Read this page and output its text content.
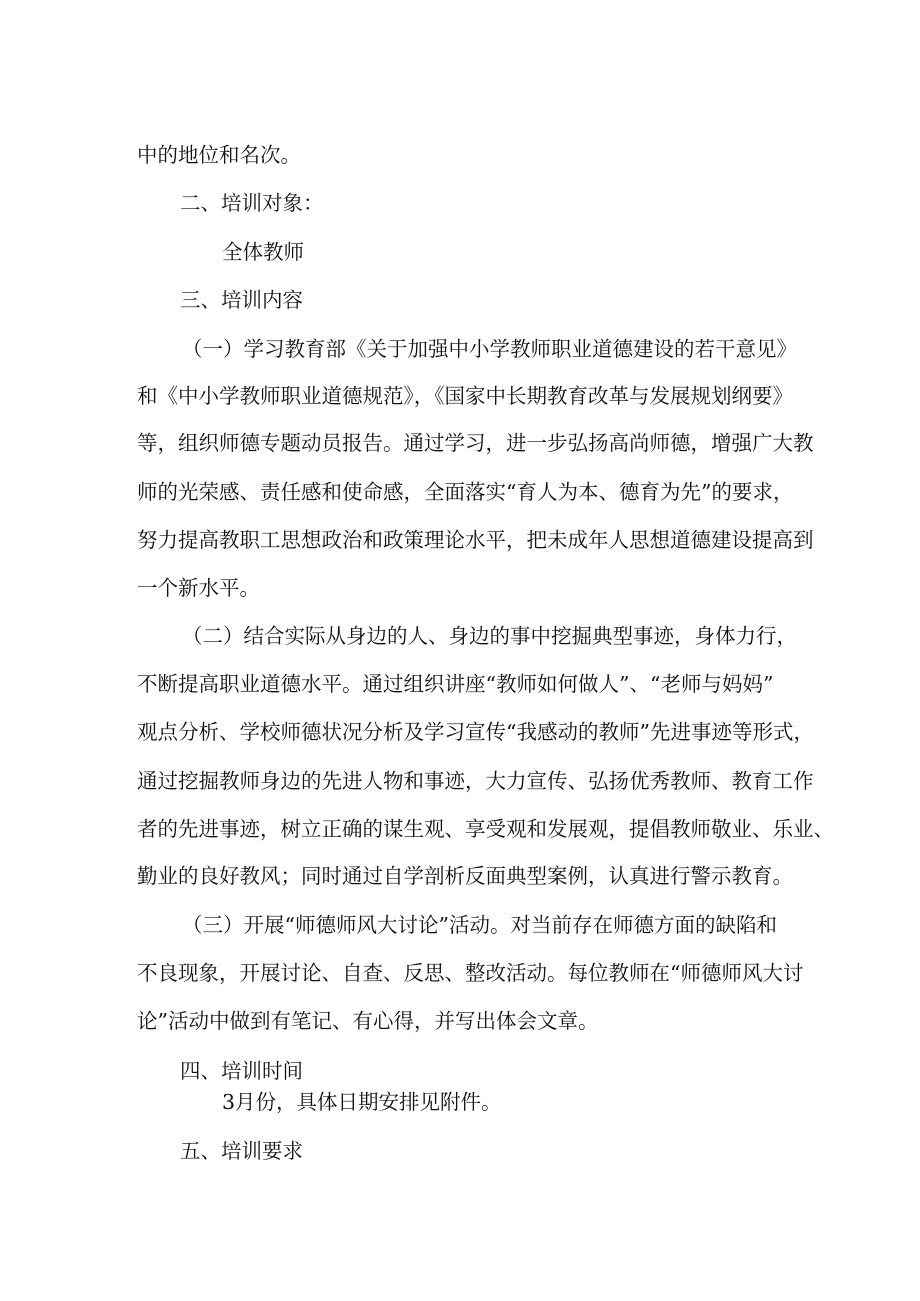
中的地位和名次。

二、培训对象：

全体教师

三、培训内容

（一）学习教育部《关于加强中小学教师职业道德建设的若干意见》

和《中小学教师职业道德规范》，《国家中长期教育改革与发展规划纲要》

等，组织师德专题动员报告。通过学习，进一步弘扬高尚师德，增强广大教

师的光荣感、责任感和使命感，全面落实“育人为本、德育为先”的要求，

努力提高教职工思想政治和政策理论水平，把未成年人思想道德建设提高到

一个新水平。

（二）结合实际从身边的人、身边的事中挖掘典型事迹，身体力行，

不断提高职业道德水平。通过组织讲座“教师如何做人”、“老师与妈妈”

观点分析、学校师德状况分析及学习宣传“我感动的教师”先进事迹等形式，

通过挖掘教师身边的先进人物和事迹，大力宣传、弘扬优秀教师、教育工作

者的先进事迹，树立正确的谋生观、享受观和发展观，提倡教师敬业、乐业、

勤业的良好教风；同时通过自学剖析反面典型案例，认真进行警示教育。

（三）开展“师德师风大讨论”活动。对当前存在师德方面的缺陷和

不良现象，开展讨论、自查、反思、整改活动。每位教师在“师德师风大讨

论”活动中做到有笔记、有心得，并写出体会文章。

四、培训时间

3月份，具体日期安排见附件。

五、培训要求
